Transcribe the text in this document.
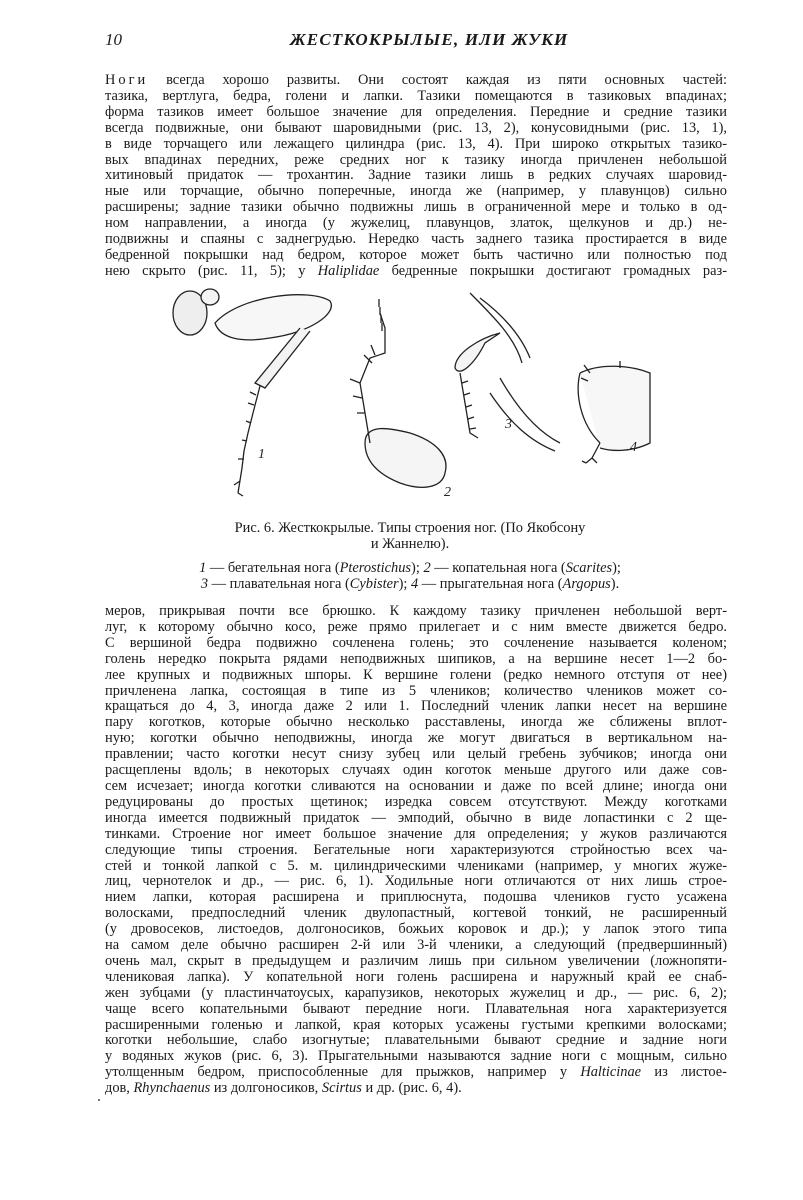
10	ЖЕСТКОКРЫЛЫЕ, ИЛИ ЖУКИ
Ноги всегда хорошо развиты. Они состоят каждая из пяти основных частей:
тазика, вертлуга, бедра, голени и лапки. Тазики помещаются в тазиковых впадинах;
форма тазиков имеет большое значение для определения. Передние и средние тазики
всегда подвижные, они бывают шаровидными (рис. 13, 2), конусовидными (рис. 13, 1),
в виде торчащего или лежащего цилиндра (рис. 13, 4). При широко открытых тазико-
вых впадинах передних, реже средних ног к тазику иногда причленен небольшой
хитиновый придаток — трохантин. Задние тазики лишь в редких случаях шаровид-
ные или торчащие, обычно поперечные, иногда же (например, у плавунцов) сильно
расширены; задние тазики обычно подвижны лишь в ограниченной мере и только в од-
ном направлении, а иногда (у жужелиц, плавунцов, златок, щелкунов и др.) не-
подвижны и спаяны с заднегрудью. Нередко часть заднего тазика простирается в виде
бедренной покрышки над бедром, которое может быть частично или полностью под
нею скрыто (рис. 11, 5); у Haliplidae бедренные покрышки достигают громадных раз-
1
2
3
4
Рис. 6. Жесткокрылые. Типы строения ног. (По Якобсону
и Жаннелю).
1 — бегательная нога (Pterostichus); 2 — копательная нога (Scarites);
3 — плавательная нога (Cybister); 4 — прыгательная нога (Argopus).
меров, прикрывая почти все брюшко. К каждому тазику причленен небольшой верт-
луг, к которому обычно косо, реже прямо прилегает и с ним вместе движется бедро.
С вершиной бедра подвижно сочленена голень; это сочленение называется коленом;
голень нередко покрыта рядами неподвижных шипиков, а на вершине несет 1—2 бо-
лее крупных и подвижных шпоры. К вершине голени (редко немного отступя от нее)
причленена лапка, состоящая в типе из 5 члеников; количество члеников может со-
кращаться до 4, 3, иногда даже 2 или 1. Последний членик лапки несет на вершине
пару коготков, которые обычно несколько расставлены, иногда же сближены вплот-
ную; коготки обычно неподвижны, иногда же могут двигаться в вертикальном на-
правлении; часто коготки несут снизу зубец или целый гребень зубчиков; иногда они
расщеплены вдоль; в некоторых случаях один коготок меньше другого или даже сов-
сем исчезает; иногда коготки сливаются на основании и даже по всей длине; иногда они
редуцированы до простых щетинок; изредка совсем отсутствуют. Между коготками
иногда имеется подвижный придаток — эмподий, обычно в виде лопастинки с 2 ще-
тинками. Строение ног имеет большое значение для определения; у жуков различаются
следующие типы строения. Бегательные ноги характеризуются стройностью всех ча-
стей и тонкой лапкой с 5. м. цилиндрическими члениками (например, у многих жуже-
лиц, чернотелок и др., — рис. 6, 1). Ходильные ноги отличаются от них лишь строе-
нием лапки, которая расширена и приплюснута, подошва члеников густо усажена
волосками, предпоследний членик двулопастный, когтевой тонкий, не расширенный
(у дровосеков, листоедов, долгоносиков, божьих коровок и др.); у лапок этого типа
на самом деле обычно расширен 2-й или 3-й членики, а следующий (предвершинный)
очень мал, скрыт в предыдущем и различим лишь при сильном увеличении (ложнопяти-
члениковая лапка). У копательной ноги голень расширена и наружный край ее снаб-
жен зубцами (у пластинчатоусых, карапузиков, некоторых жужелиц и др., — рис. 6, 2);
чаще всего копательными бывают передние ноги. Плавательная нога характеризуется
расширенными голенью и лапкой, края которых усажены густыми крепкими волосками;
коготки небольшие, слабо изогнутые; плавательными бывают средние и задние ноги
у водяных жуков (рис. 6, 3). Прыгательными называются задние ноги с мощным, сильно
утолщенным бедром, приспособленные для прыжков, например у Halticinae из листое-
дов, Rhynchaenus из долгоносиков, Scirtus и др. (рис. 6, 4).
